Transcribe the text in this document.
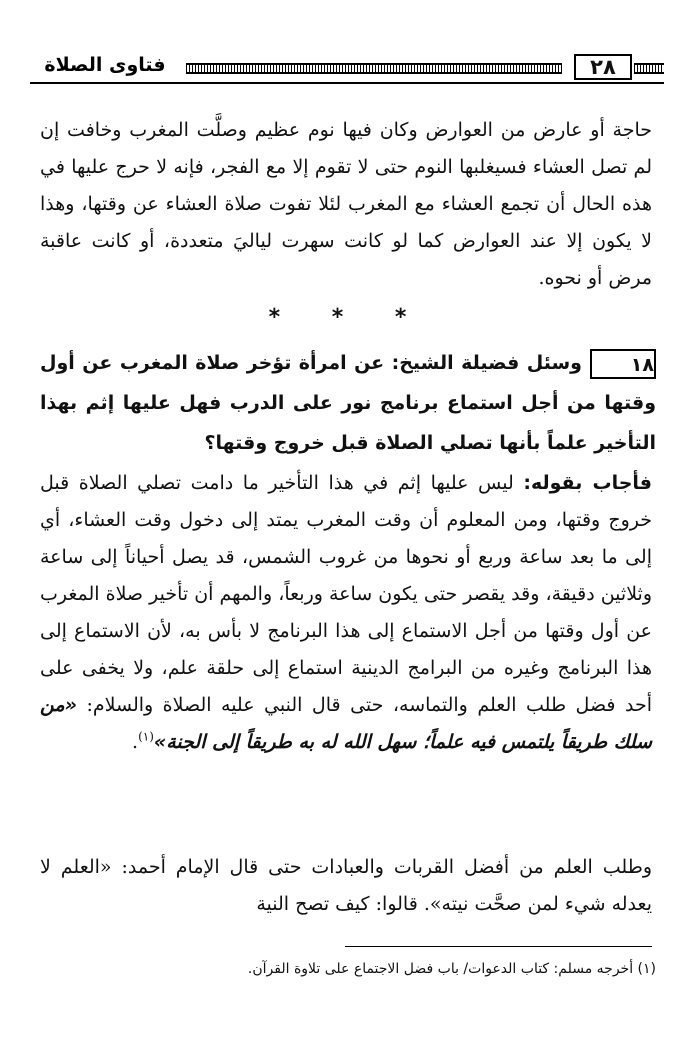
فتاوى الصلاة	٢٨
حاجة أو عارض من العوارض وكان فيها نوم عظيم وصلَّت المغرب وخافت إن لم تصل العشاء فسيغلبها النوم حتى لا تقوم إلا مع الفجر، فإنه لا حرج عليها في هذه الحال أن تجمع العشاء مع المغرب لئلا تفوت صلاة العشاء عن وقتها، وهذا لا يكون إلا عند العوارض كما لو كانت سهرت لياليَ متعددة، أو كانت عاقبة مرض أو نحوه.
* * *
١٨وسئل فضيلة الشيخ: عن امرأة تؤخر صلاة المغرب عن أول وقتها من أجل استماع برنامج نور على الدرب فهل عليها إثم بهذا التأخير علماً بأنها تصلي الصلاة قبل خروج وقتها؟
فأجاب بقوله: ليس عليها إثم في هذا التأخير ما دامت تصلي الصلاة قبل خروج وقتها، ومن المعلوم أن وقت المغرب يمتد إلى دخول وقت العشاء، أي إلى ما بعد ساعة وربع أو نحوها من غروب الشمس، قد يصل أحياناً إلى ساعة وثلاثين دقيقة، وقد يقصر حتى يكون ساعة وربعاً، والمهم أن تأخير صلاة المغرب عن أول وقتها من أجل الاستماع إلى هذا البرنامج لا بأس به، لأن الاستماع إلى هذا البرنامج وغيره من البرامج الدينية استماع إلى حلقة علم، ولا يخفى على أحد فضل طلب العلم والتماسه، حتى قال النبي عليه الصلاة والسلام: «من سلك طريقاً يلتمس فيه علماً؛ سهل الله له به طريقاً إلى الجنة»$^{(١)}$.
وطلب العلم من أفضل القربات والعبادات حتى قال الإمام أحمد: «العلم لا يعدله شيء لمن صحَّت نيته». قالوا: كيف تصح النية
(١) أخرجه مسلم: كتاب الدعوات/ باب فضل الاجتماع على تلاوة القرآن.
